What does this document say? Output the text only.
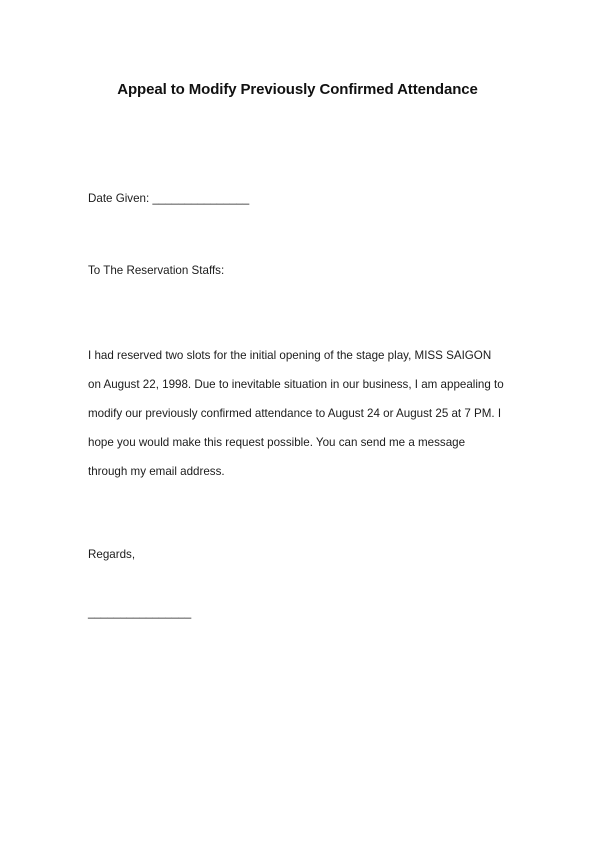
Appeal to Modify Previously Confirmed Attendance
Date Given: _______________
To The Reservation Staffs:
I had reserved two slots for the initial opening of the stage play, MISS SAIGON
on August 22, 1998. Due to inevitable situation in our business, I am appealing to
modify our previously confirmed attendance to August 24 or August 25 at 7 PM. I
hope you would make this request possible. You can send me a message
through my email address.
Regards,
________________
